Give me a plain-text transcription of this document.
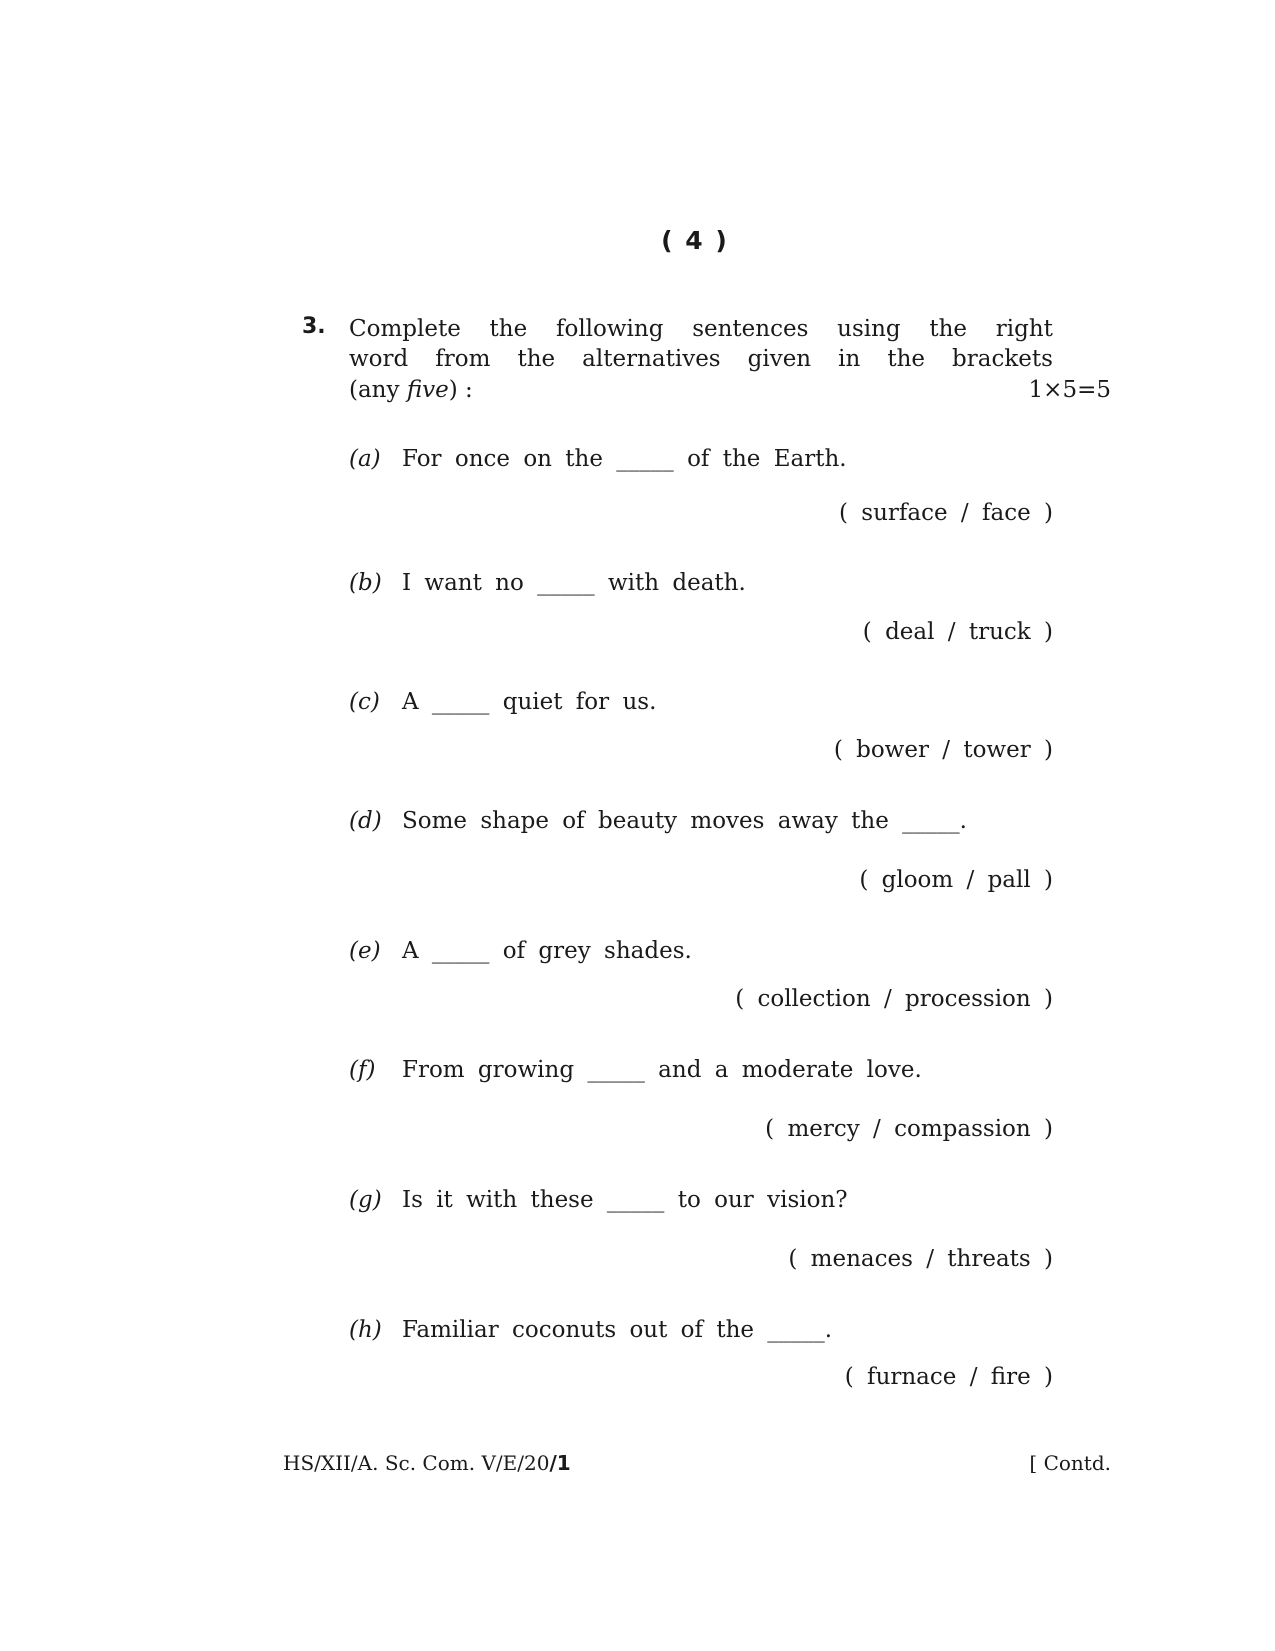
( 4 )
3. Complete the following sentences using the right
word from the alternatives given in the brackets
(any five) :	1×5=5
(a) For once on the _____ of the Earth.
( surface / face )
(b) I want no _____ with death.
( deal / truck )
(c) A _____ quiet for us.
( bower / tower )
(d) Some shape of beauty moves away the _____.
( gloom / pall )
(e) A _____ of grey shades.
( collection / procession )
(f) From growing _____ and a moderate love.
( mercy / compassion )
(g) Is it with these _____ to our vision?
( menaces / threats )
(h) Familiar coconuts out of the _____.
( furnace / fire )
HS/XII/A. Sc. Com. V/E/20/1	[ Contd.
